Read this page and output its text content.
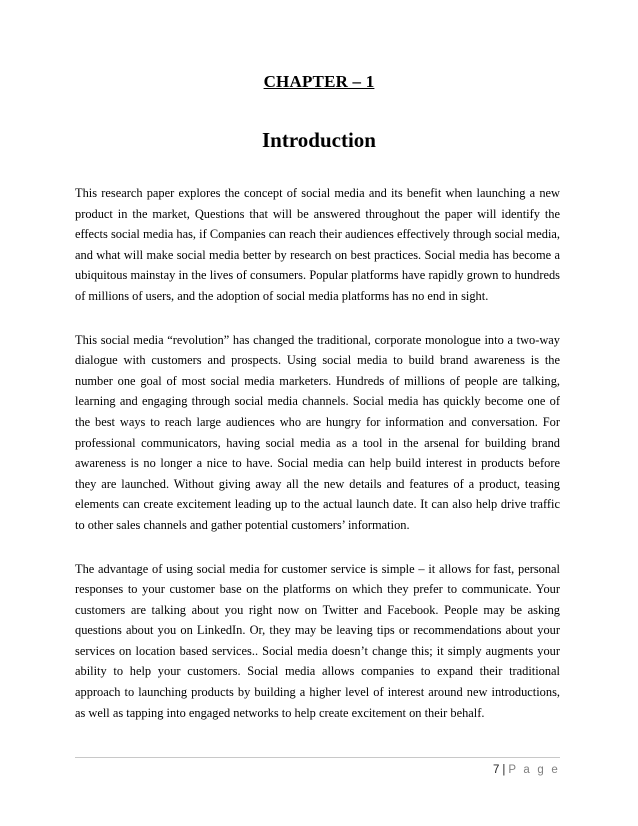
CHAPTER – 1
Introduction

This research paper explores the concept of social media and its benefit when launching a new product in the market, Questions that will be answered throughout the paper will identify the effects social media has, if Companies can reach their audiences effectively through social media, and what will make social media better by research on best practices. Social media has become a ubiquitous mainstay in the lives of consumers. Popular platforms have rapidly grown to hundreds of millions of users, and the adoption of social media platforms has no end in sight.

This social media “revolution” has changed the traditional, corporate monologue into a two-way dialogue with customers and prospects. Using social media to build brand awareness is the number one goal of most social media marketers. Hundreds of millions of people are talking, learning and engaging through social media channels. Social media has quickly become one of the best ways to reach large audiences who are hungry for information and conversation. For professional communicators, having social media as a tool in the arsenal for building brand awareness is no longer a nice to have. Social media can help build interest in products before they are launched. Without giving away all the new details and features of a product, teasing elements can create excitement leading up to the actual launch date. It can also help drive traffic to other sales channels and gather potential customers’ information.

The advantage of using social media for customer service is simple – it allows for fast, personal responses to your customer base on the platforms on which they prefer to communicate. Your customers are talking about you right now on Twitter and Facebook. People may be asking questions about you on LinkedIn. Or, they may be leaving tips or recommendations about your services on location based services.. Social media doesn’t change this; it simply augments your ability to help your customers. Social media allows companies to expand their traditional approach to launching products by building a higher level of interest around new introductions, as well as tapping into engaged networks to help create excitement on their behalf.

7 | P a g e
